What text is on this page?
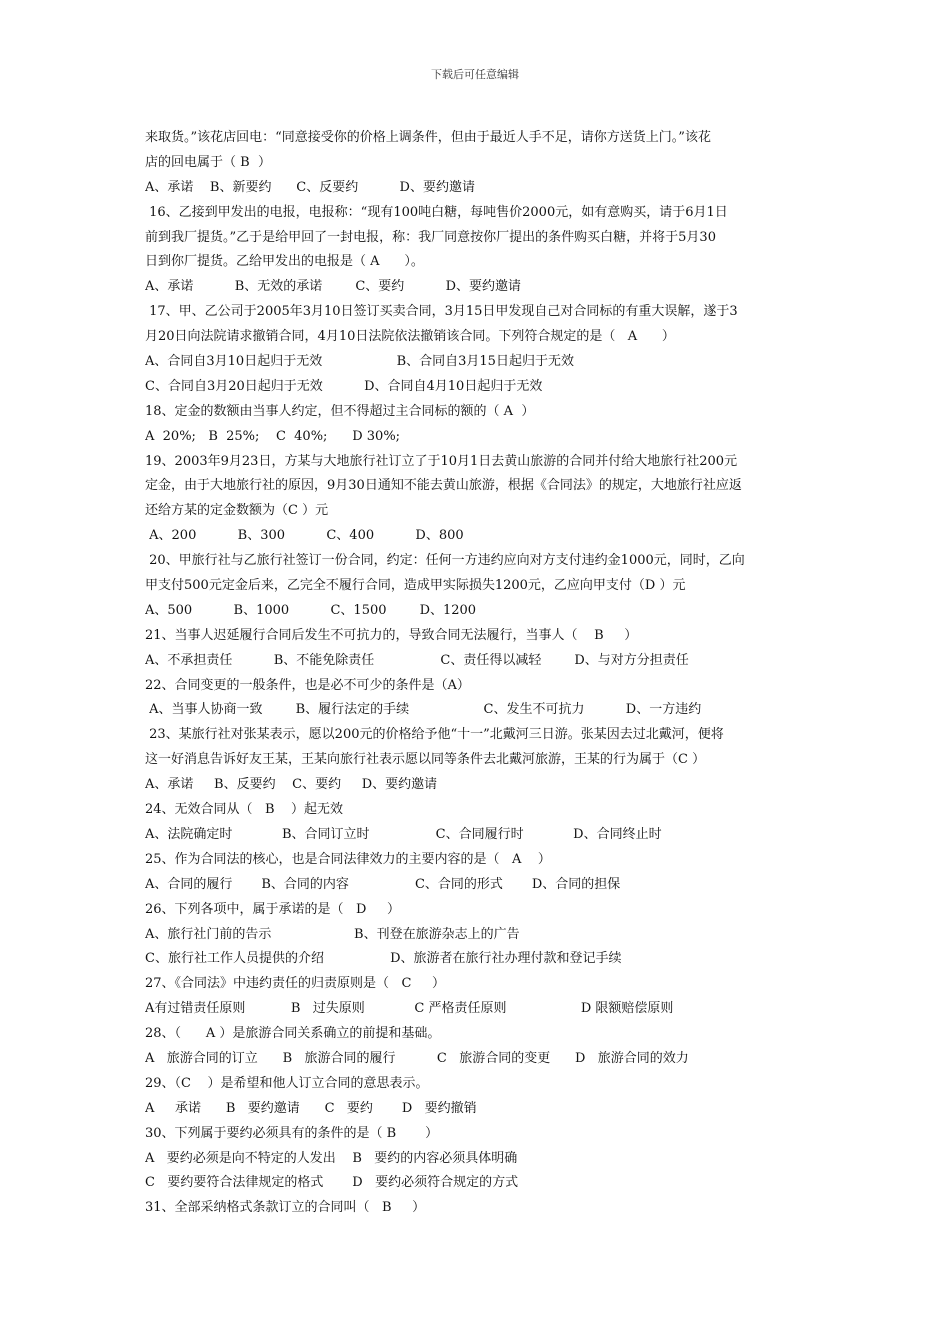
下载后可任意编辑
来取货。”该花店回电：“同意接受你的价格上调条件，但由于最近人手不足，请你方送货上门。”该花
店的回电属于（ B  ）
A、承诺    B、新要约      C、反要约          D、要约邀请
16、乙接到甲发出的电报，电报称：“现有100吨白糖，每吨售价2000元，如有意购买，请于6月1日
前到我厂提货。”乙于是给甲回了一封电报，称：我厂同意按你厂提出的条件购买白糖，并将于5月30
日到你厂提货。乙给甲发出的电报是（ A      ）。
A、承诺          B、无效的承诺        C、要约          D、要约邀请
17、甲、乙公司于2005年3月10日签订买卖合同，3月15日甲发现自己对合同标的有重大误解，遂于3
月20日向法院请求撤销合同，4月10日法院依法撤销该合同。下列符合规定的是（   A      ）
A、合同自3月10日起归于无效                  B、合同自3月15日起归于无效
C、合同自3月20日起归于无效          D、合同自4月10日起归于无效
18、定金的数额由当事人约定，但不得超过主合同标的额的（ A  ）
A  20%;   B  25%;    C  40%;      D 30%;
19、2003年9月23日，方某与大地旅行社订立了于10月1日去黄山旅游的合同并付给大地旅行社200元
定金，由于大地旅行社的原因，9月30日通知不能去黄山旅游，根据《合同法》的规定，大地旅行社应返
还给方某的定金数额为（C ）元
A、200          B、300          C、400          D、800
20、甲旅行社与乙旅行社签订一份合同，约定：任何一方违约应向对方支付违约金1000元，同时，乙向
甲支付500元定金后来，乙完全不履行合同，造成甲实际损失1200元，乙应向甲支付（D ）元
A、500          B、1000          C、1500        D、1200
21、当事人迟延履行合同后发生不可抗力的，导致合同无法履行，当事人（    B     ）
A、不承担责任          B、不能免除责任                C、责任得以减轻        D、与对方分担责任
22、合同变更的一般条件，也是必不可少的条件是（A）
A、当事人协商一致        B、履行法定的手续                  C、发生不可抗力          D、一方违约
23、某旅行社对张某表示，愿以200元的价格给予他“十一”北戴河三日游。张某因去过北戴河，便将
这一好消息告诉好友王某，王某向旅行社表示愿以同等条件去北戴河旅游，王某的行为属于（C ）
A、承诺     B、反要约    C、要约     D、要约邀请
24、无效合同从（   B    ）起无效
A、法院确定时            B、合同订立时                C、合同履行时            D、合同终止时
25、作为合同法的核心，也是合同法律效力的主要内容的是（   A    ）
A、合同的履行       B、合同的内容                C、合同的形式       D、合同的担保
26、下列各项中，属于承诺的是（   D     ）
A、旅行社门前的告示                    B、刊登在旅游杂志上的广告
C、旅行社工作人员提供的介绍                D、旅游者在旅行社办理付款和登记手续
27、《合同法》中违约责任的归责原则是（   C     ）
A有过错责任原则           B   过失原则            C 严格责任原则                  D 限额赔偿原则
28、（      A ）是旅游合同关系确立的前提和基础。
A   旅游合同的订立      B   旅游合同的履行          C   旅游合同的变更      D   旅游合同的效力
29、（C    ）是希望和他人订立合同的意思表示。
A     承诺      B   要约邀请      C   要约       D   要约撤销
30、下列属于要约必须具有的条件的是（ B       ）
A   要约必须是向不特定的人发出    B   要约的内容必须具体明确
C   要约要符合法律规定的格式       D   要约必须符合规定的方式
31、全部采纳格式条款订立的合同叫（   B     ）
